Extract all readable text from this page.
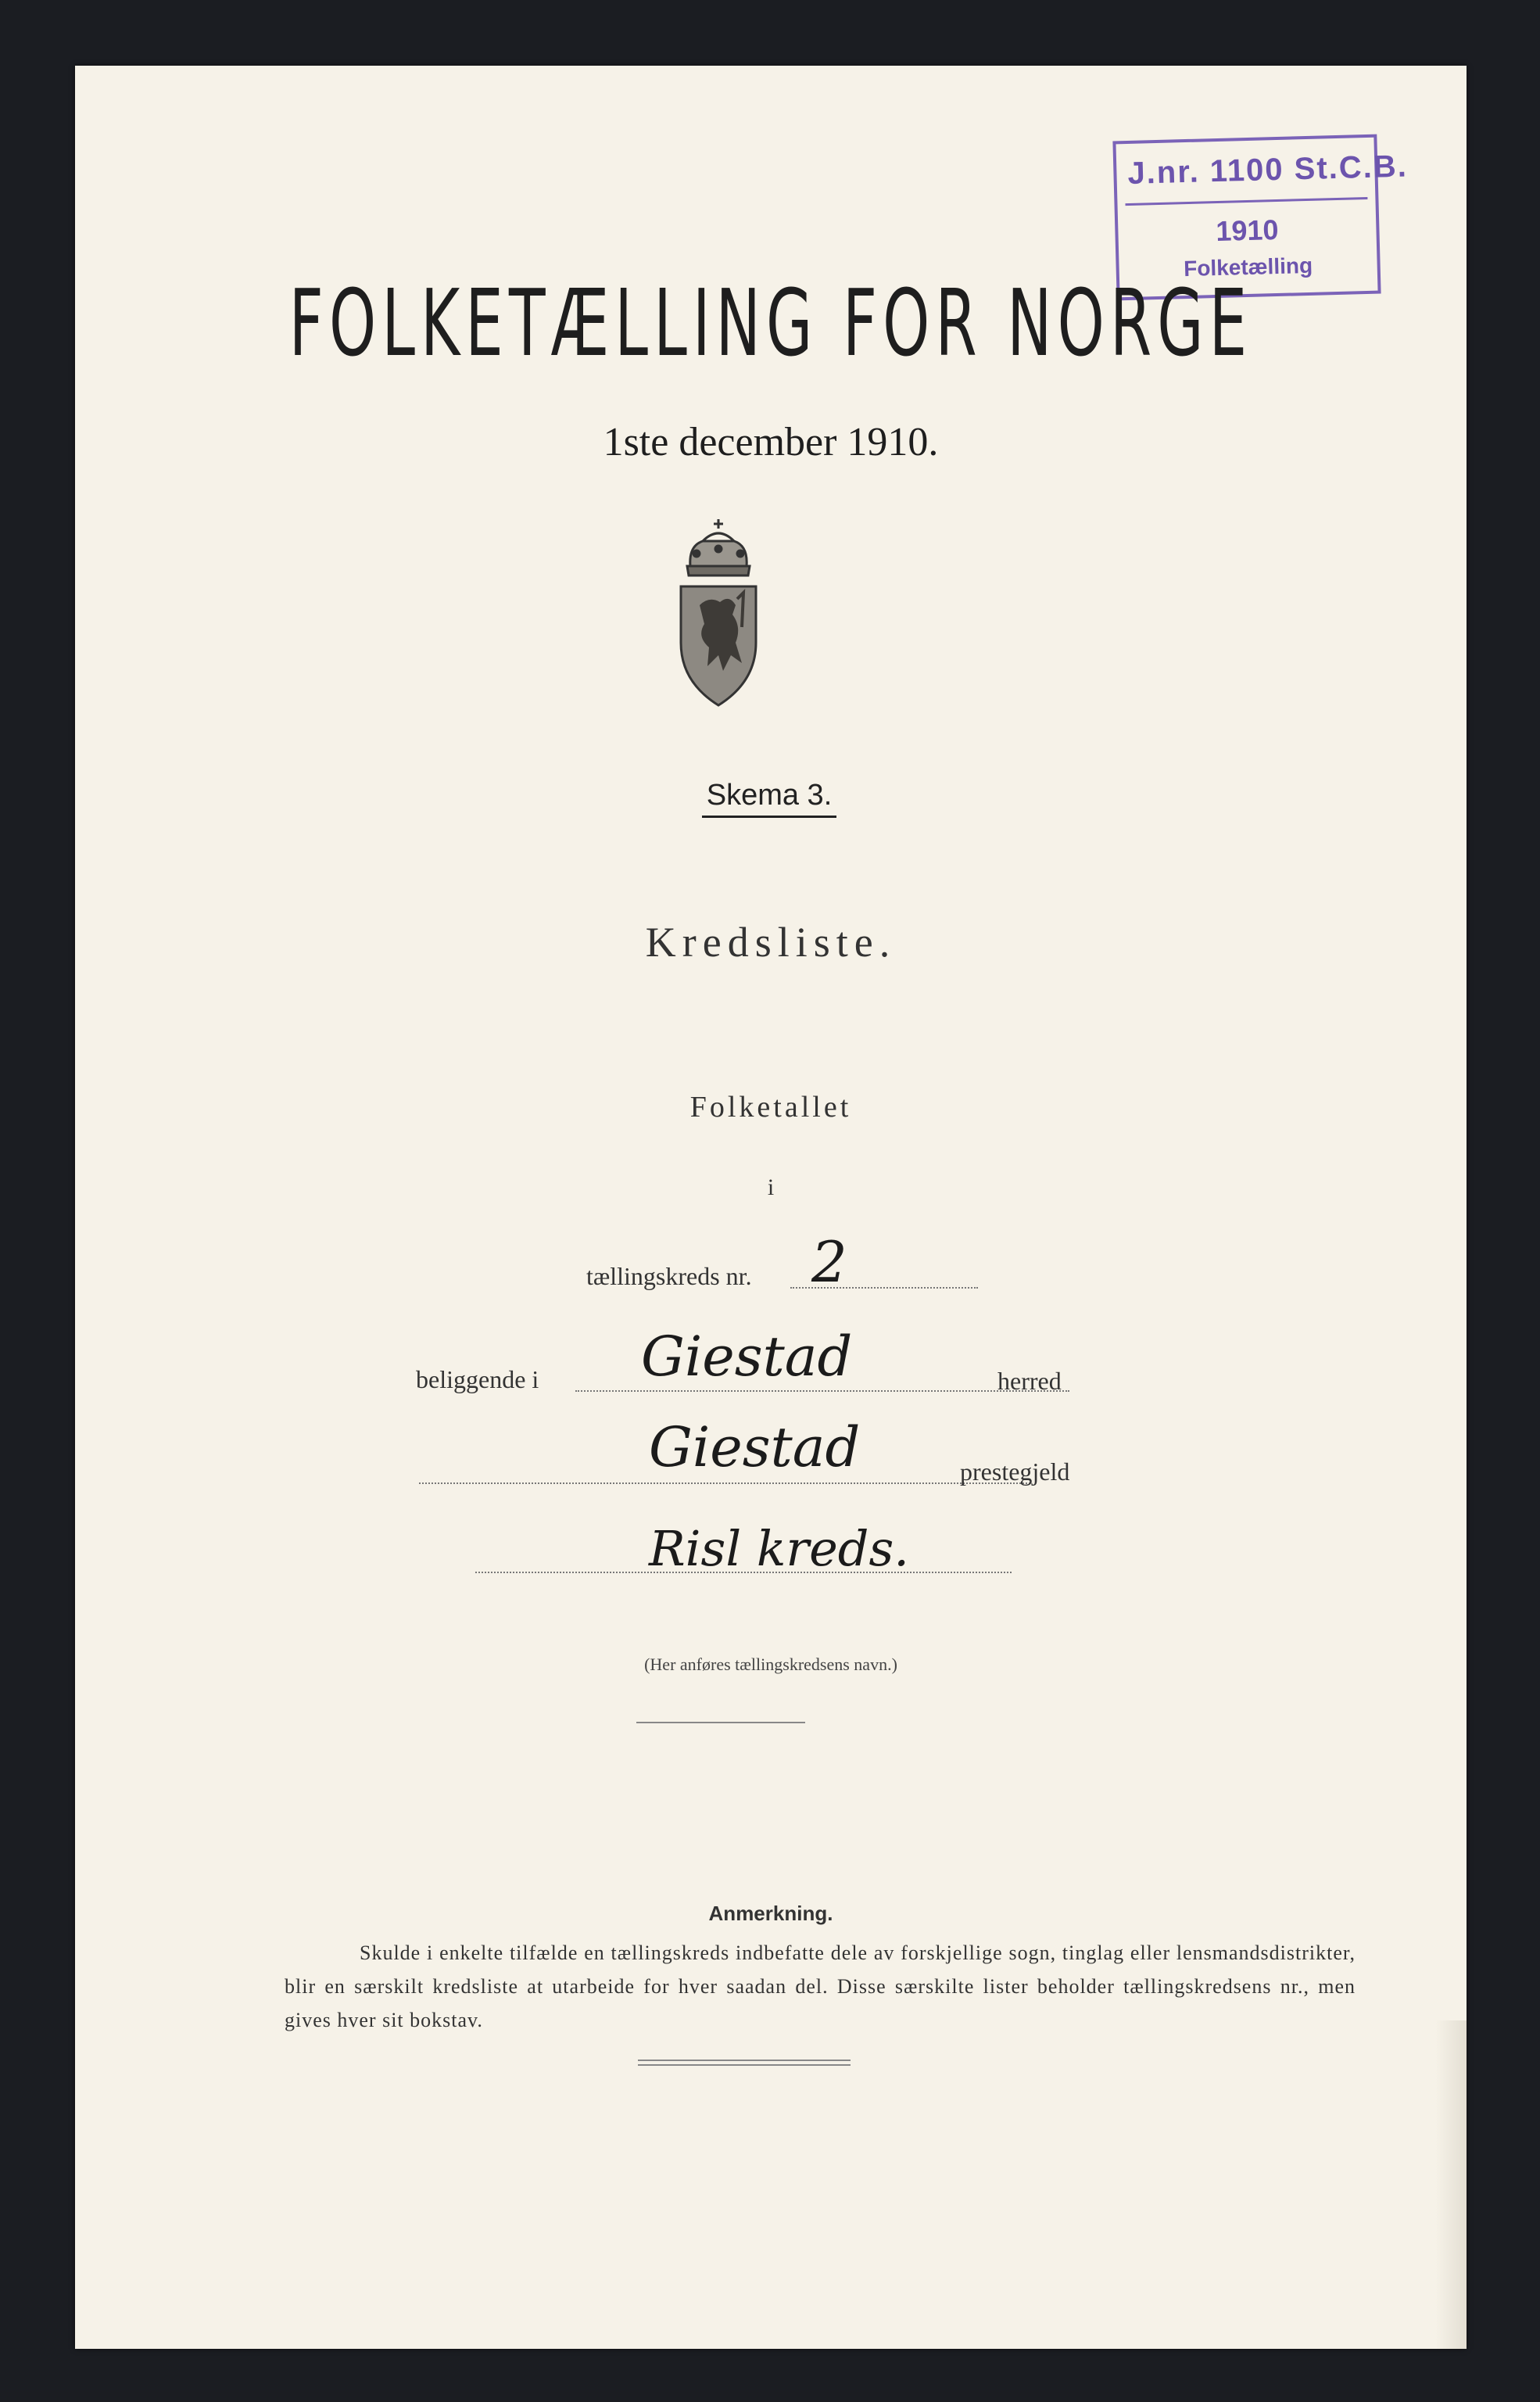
J.nr. 1100 St.C.B.
1910
Folketælling
FOLKETÆLLING FOR NORGE
1ste december 1910.
Skema 3.
Kredsliste.
Folketallet
i
tællingskreds nr. 2
beliggende i Giestad	herred
Giestad	prestegjeld
Risl kreds.
(Her anføres tællingskredsens navn.)
Anmerkning.
Skulde i enkelte tilfælde en tællingskreds indbefatte dele av forskjellige sogn, tinglag eller lensmandsdistrikter, blir en særskilt kredsliste at utarbeide for hver saadan del. Disse særskilte lister beholder tællingskredsens nr., men gives hver sit bokstav.
